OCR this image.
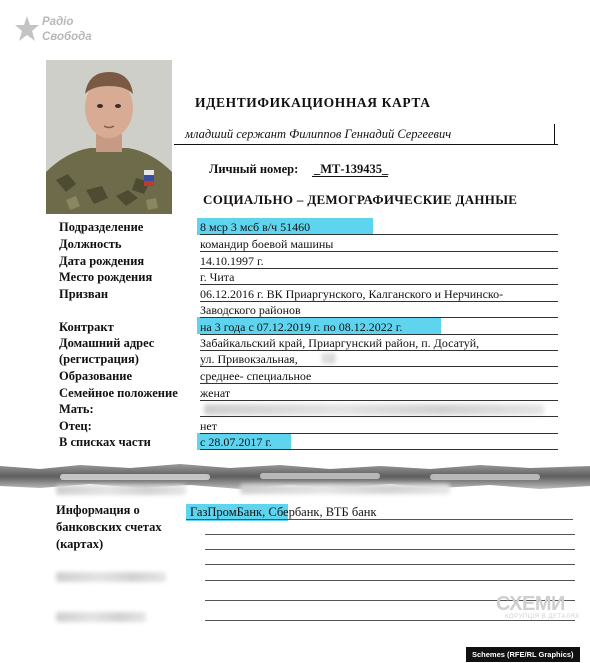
Радіо
Свобода
ИДЕНТИФИКАЦИОННАЯ КАРТА
младший сержант Филиппов Геннадий Сергеевич
Личный номер: _МТ-139435_
СОЦИАЛЬНО – ДЕМОГРАФИЧЕСКИЕ ДАННЫЕ
Подразделение
Должность
Дата рождения
Место рождения
Призван
Контракт
Домашний адрес
(регистрация)
Образование
Семейное положение
Мать:
Отец:
В списках части
8 мср 3 мсб в/ч 51460
командир боевой машины
14.10.1997 г.
г. Чита
06.12.2016 г. ВК Приаргунского, Калганского и Нерчинско-
Заводского районов
на 3 года с 07.12.2019 г. по 08.12.2022 г.
Забайкальский край, Приаргунский район, п. Досатуй,
ул. Привокзальная,
среднее- специальное
женат
нет
с 28.07.2017 г.
Информация о
банковских счетах
(картах)
ГазПромБанк, Сбербанк, ВТБ банк
СХЕМИ
КОРУПЦІЯ В ДЕТАЛЯХ
Schemes (RFE/RL Graphics)
